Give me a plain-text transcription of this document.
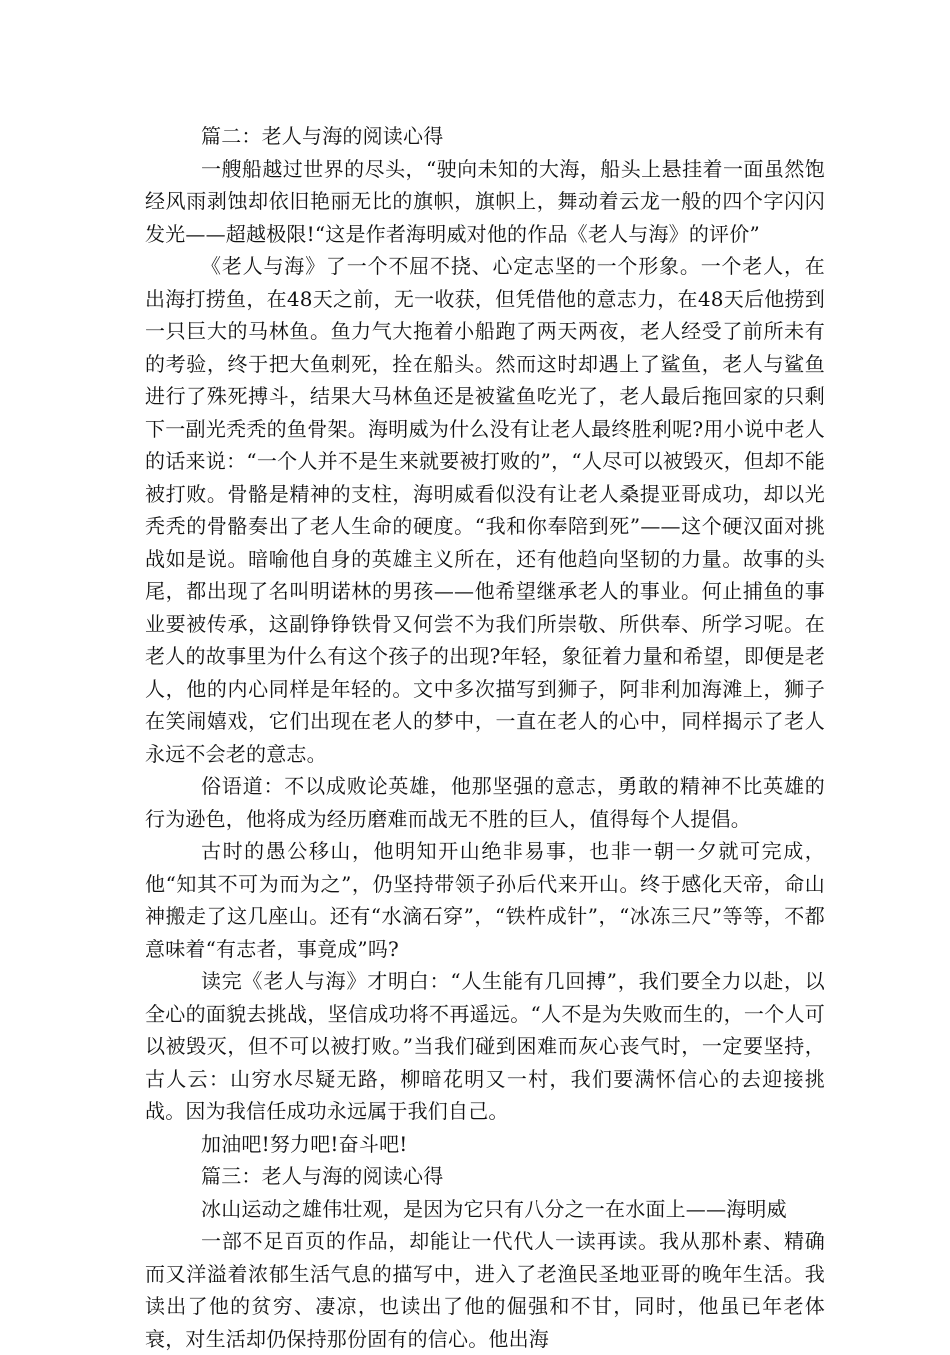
篇二：老人与海的阅读心得

一艘船越过世界的尽头，“驶向未知的大海，船头上悬挂着一面虽然饱经风雨剥蚀却依旧艳丽无比的旗帜，旗帜上，舞动着云龙一般的四个字闪闪发光——超越极限!“这是作者海明威对他的作品《老人与海》的评价”

《老人与海》了一个不屈不挠、心定志坚的一个形象。一个老人，在出海打捞鱼，在48天之前，无一收获，但凭借他的意志力，在48天后他捞到一只巨大的马林鱼。鱼力气大拖着小船跑了两天两夜，老人经受了前所未有的考验，终于把大鱼刺死，拴在船头。然而这时却遇上了鲨鱼，老人与鲨鱼进行了殊死搏斗，结果大马林鱼还是被鲨鱼吃光了，老人最后拖回家的只剩下一副光秃秃的鱼骨架。海明威为什么没有让老人最终胜利呢?用小说中老人的话来说：“一个人并不是生来就要被打败的”，“人尽可以被毁灭，但却不能被打败。骨骼是精神的支柱，海明威看似没有让老人桑提亚哥成功，却以光秃秃的骨骼奏出了老人生命的硬度。“我和你奉陪到死”——这个硬汉面对挑战如是说。暗喻他自身的英雄主义所在，还有他趋向坚韧的力量。故事的头尾，都出现了名叫明诺林的男孩——他希望继承老人的事业。何止捕鱼的事业要被传承，这副铮铮铁骨又何尝不为我们所崇敬、所供奉、所学习呢。在老人的故事里为什么有这个孩子的出现?年轻，象征着力量和希望，即便是老人，他的内心同样是年轻的。文中多次描写到狮子，阿非利加海滩上，狮子在笑闹嬉戏，它们出现在老人的梦中，一直在老人的心中，同样揭示了老人永远不会老的意志。

俗语道：不以成败论英雄，他那坚强的意志，勇敢的精神不比英雄的行为逊色，他将成为经历磨难而战无不胜的巨人，值得每个人提倡。

古时的愚公移山，他明知开山绝非易事，也非一朝一夕就可完成，他“知其不可为而为之”，仍坚持带领子孙后代来开山。终于感化天帝，命山神搬走了这几座山。还有“水滴石穿”，“铁杵成针”，“冰冻三尺”等等，不都意味着“有志者，事竟成”吗?

读完《老人与海》才明白：“人生能有几回搏”，我们要全力以赴，以全心的面貌去挑战，坚信成功将不再遥远。“人不是为失败而生的，一个人可以被毁灭，但不可以被打败。”当我们碰到困难而灰心丧气时，一定要坚持，古人云：山穷水尽疑无路，柳暗花明又一村，我们要满怀信心的去迎接挑战。因为我信任成功永远属于我们自己。

加油吧!努力吧!奋斗吧!

篇三：老人与海的阅读心得

冰山运动之雄伟壮观，是因为它只有八分之一在水面上——海明威

一部不足百页的作品，却能让一代代人一读再读。我从那朴素、精确而又洋溢着浓郁生活气息的描写中，进入了老渔民圣地亚哥的晚年生活。我读出了他的贫穷、凄凉，也读出了他的倔强和不甘，同时，他虽已年老体衰，对生活却仍保持那份固有的信心。他出海
